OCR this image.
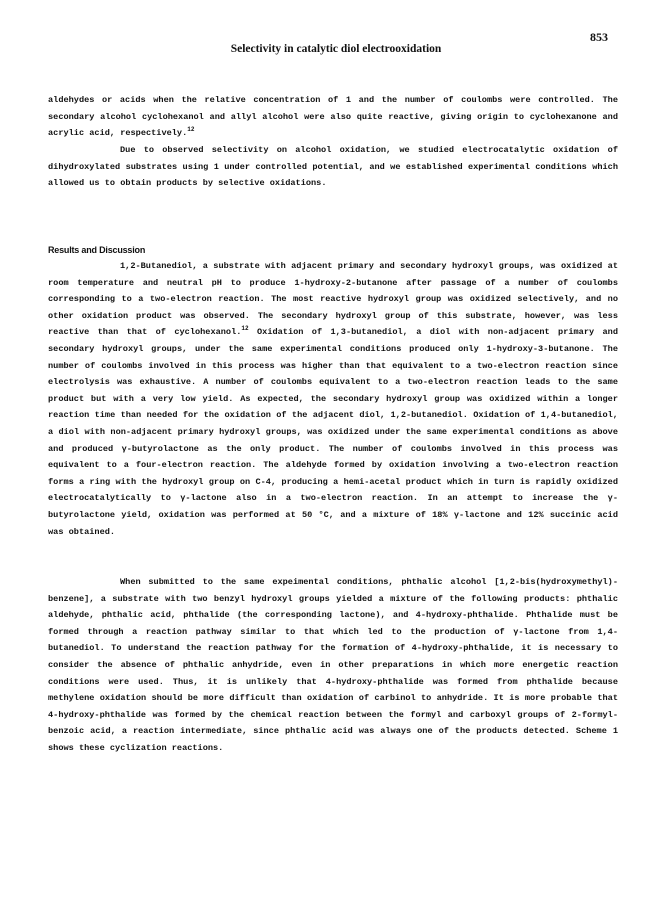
853
Selectivity in catalytic diol electrooxidation

aldehydes or acids when the relative concentration of 1 and the number of coulombs were controlled. The secondary alcohol cyclohexanol and allyl alcohol were also quite reactive, giving origin to cyclohexanone and acrylic acid, respectively.$^{12}$

Due to observed selectivity on alcohol oxidation, we studied electrocatalytic oxidation of dihydroxylated substrates using 1 under controlled potential, and we established experimental conditions which allowed us to obtain products by selective oxidations.

Results and Discussion

1,2-Butanediol, a substrate with adjacent primary and secondary hydroxyl groups, was oxidized at room temperature and neutral pH to produce 1-hydroxy-2-butanone after passage of a number of coulombs corresponding to a two-electron reaction. The most reactive hydroxyl group was oxidized selectively, and no other oxidation product was observed. The secondary hydroxyl group of this substrate, however, was less reactive than that of cyclohexanol.$^{12}$ Oxidation of 1,3-butanediol, a diol with non-adjacent primary and secondary hydroxyl groups, under the same experimental conditions produced only 1-hydroxy-3-butanone. The number of coulombs involved in this process was higher than that equivalent to a two-electron reaction since electrolysis was exhaustive. A number of coulombs equivalent to a two-electron reaction leads to the same product but with a very low yield. As expected, the secondary hydroxyl group was oxidized within a longer reaction time than needed for the oxidation of the adjacent diol, 1,2-butanediol. Oxidation of 1,4-butanediol, a diol with non-adjacent primary hydroxyl groups, was oxidized under the same experimental conditions as above and produced γ-butyrolactone as the only product. The number of coulombs involved in this process was equivalent to a four-electron reaction. The aldehyde formed by oxidation involving a two-electron reaction forms a ring with the hydroxyl group on C-4, producing a hemi-acetal product which in turn is rapidly oxidized electrocatalytically to γ-lactone also in a two-electron reaction. In an attempt to increase the γ-butyrolactone yield, oxidation was performed at 50 °C, and a mixture of 18% γ-lactone and 12% succinic acid was obtained.

When submitted to the same expeimental conditions, phthalic alcohol [1,2-bis(hydroxymethyl)-benzene], a substrate with two benzyl hydroxyl groups yielded a mixture of the following products: phthalic aldehyde, phthalic acid, phthalide (the corresponding lactone), and 4-hydroxy-phthalide. Phthalide must be formed through a reaction pathway similar to that which led to the production of γ-lactone from 1,4-butanediol. To understand the reaction pathway for the formation of 4-hydroxy-phthalide, it is necessary to consider the absence of phthalic anhydride, even in other preparations in which more energetic reaction conditions were used. Thus, it is unlikely that 4-hydroxy-phthalide was formed from phthalide because methylene oxidation should be more difficult than oxidation of carbinol to anhydride. It is more probable that 4-hydroxy-phthalide was formed by the chemical reaction between the formyl and carboxyl groups of 2-formyl-benzoic acid, a reaction intermediate, since phthalic acid was always one of the products detected. Scheme 1 shows these cyclization reactions.
